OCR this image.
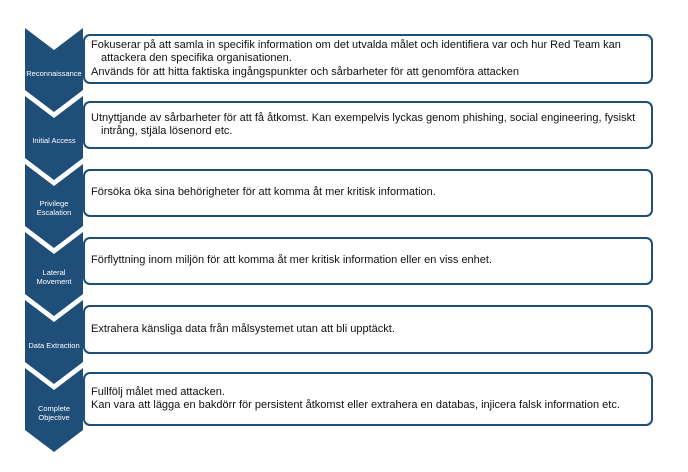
Reconnaissance

Fokuserar på att samla in specifik information om det utvalda målet och identifiera var och hur Red Team kan attackera den specifika organisationen.

Används för att hitta faktiska ingångspunkter och sårbarheter för att genomföra attacken

Initial Access

Utnyttjande av sårbarheter för att få åtkomst. Kan exempelvis lyckas genom phishing, social engineering, fysiskt intrång, stjäla lösenord etc.

Privilege Escalation

Försöka öka sina behörigheter för att komma åt mer kritisk information.

Lateral Movement

Förflyttning inom miljön för att komma åt mer kritisk information eller en viss enhet.

Data Extraction

Extrahera känsliga data från målsystemet utan att bli upptäckt.

Complete Objective

Fullfölj målet med attacken.

Kan vara att lägga en bakdörr för persistent åtkomst eller extrahera en databas, injicera falsk information etc.
